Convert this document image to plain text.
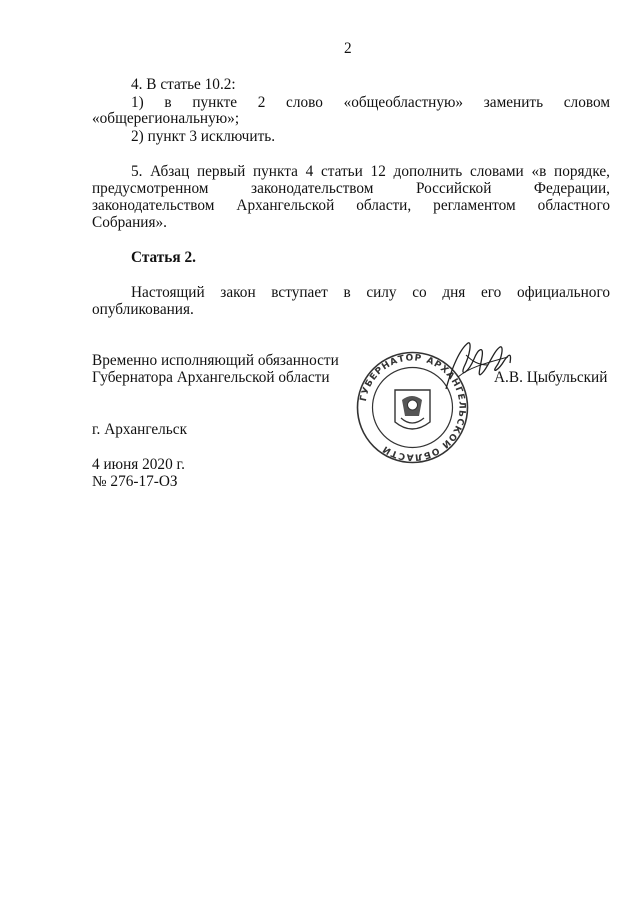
2
4. В статье 10.2:
1) в пункте 2 слово «общеобластную» заменить словом
«общерегиональную»;
2) пункт 3 исключить.
5. Абзац первый пункта 4 статьи 12 дополнить словами «в порядке,
предусмотренном законодательством Российской Федерации,
законодательством Архангельской области, регламентом областного
Собрания».
Статья 2.
Настоящий закон вступает в силу со дня его официального
опубликования.
Временно исполняющий обязанности
Губернатора Архангельской области	А.В. Цыбульский
ГУБЕРНАТОР АРХАНГЕЛЬСКОЙ ОБЛАСТИ
г. Архангельск
4 июня 2020 г.
№ 276-17-ОЗ
